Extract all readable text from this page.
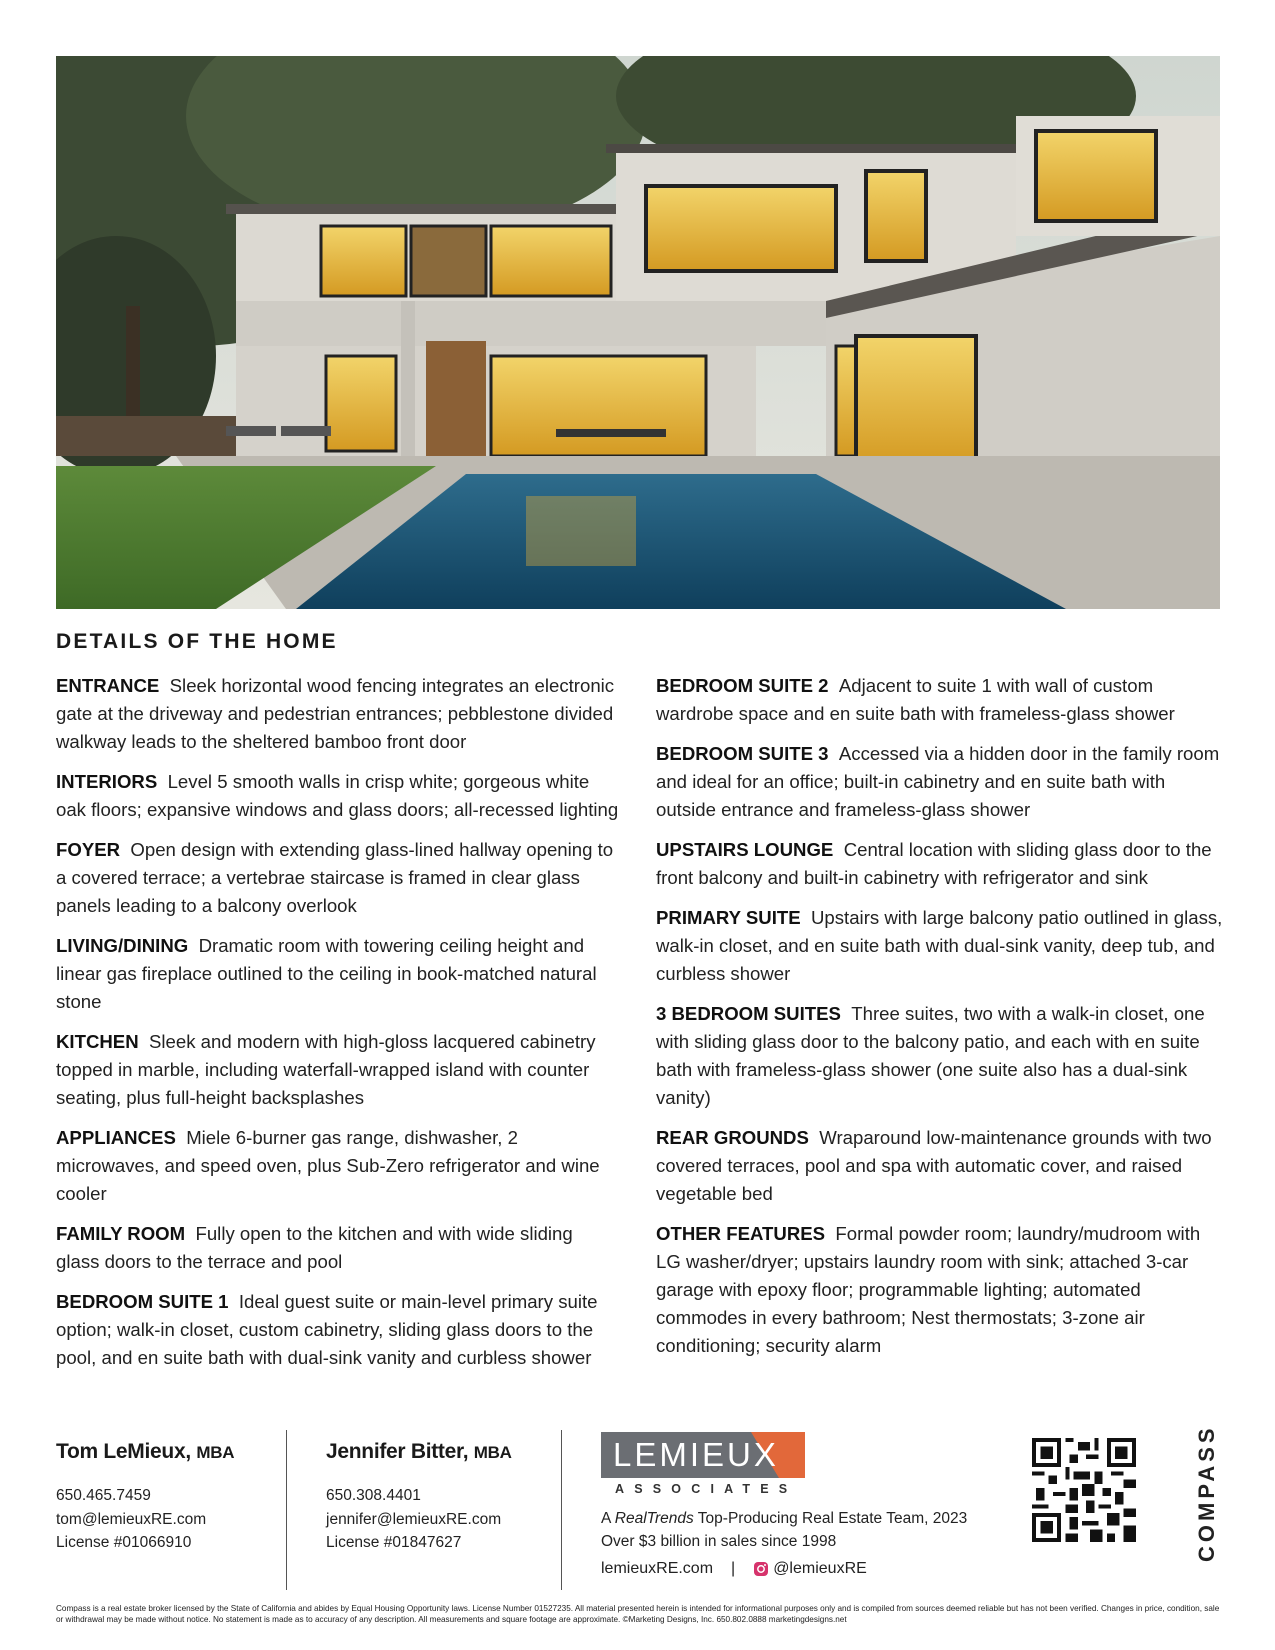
DETAILS OF THE HOME

ENTRANCE Sleek horizontal wood fencing integrates an electronic gate at the driveway and pedestrian entrances; pebblestone divided walkway leads to the sheltered bamboo front door

INTERIORS Level 5 smooth walls in crisp white; gorgeous white oak floors; expansive windows and glass doors; all-recessed lighting

FOYER Open design with extending glass-lined hallway opening to a covered terrace; a vertebrae staircase is framed in clear glass panels leading to a balcony overlook

LIVING/DINING Dramatic room with towering ceiling height and linear gas fireplace outlined to the ceiling in book-matched natural stone

KITCHEN Sleek and modern with high-gloss lacquered cabinetry topped in marble, including waterfall-wrapped island with counter seating, plus full-height backsplashes

APPLIANCES Miele 6-burner gas range, dishwasher, 2 microwaves, and speed oven, plus Sub-Zero refrigerator and wine cooler

FAMILY ROOM Fully open to the kitchen and with wide sliding glass doors to the terrace and pool

BEDROOM SUITE 1 Ideal guest suite or main-level primary suite option; walk-in closet, custom cabinetry, sliding glass doors to the pool, and en suite bath with dual-sink vanity and curbless shower

BEDROOM SUITE 2 Adjacent to suite 1 with wall of custom wardrobe space and en suite bath with frameless-glass shower

BEDROOM SUITE 3 Accessed via a hidden door in the family room and ideal for an office; built-in cabinetry and en suite bath with outside entrance and frameless-glass shower

UPSTAIRS LOUNGE Central location with sliding glass door to the front balcony and built-in cabinetry with refrigerator and sink

PRIMARY SUITE Upstairs with large balcony patio outlined in glass, walk-in closet, and en suite bath with dual-sink vanity, deep tub, and curbless shower

3 BEDROOM SUITES Three suites, two with a walk-in closet, one with sliding glass door to the balcony patio, and each with en suite bath with frameless-glass shower (one suite also has a dual-sink vanity)

REAR GROUNDS Wraparound low-maintenance grounds with two covered terraces, pool and spa with automatic cover, and raised vegetable bed

OTHER FEATURES Formal powder room; laundry/mudroom with LG washer/dryer; upstairs laundry room with sink; attached 3-car garage with epoxy floor; programmable lighting; automated commodes in every bathroom; Nest thermostats; 3-zone air conditioning; security alarm

Tom LeMieux, MBA
650.465.7459
tom@lemieuxRE.com
License #01066910
Jennifer Bitter, MBA
650.308.4401
jennifer@lemieuxRE.com
License #01847627
LEMIEUX
ASSOCIATES
A RealTrends Top-Producing Real Estate Team, 2023
Over $3 billion in sales since 1998
lemieuxRE.com | @lemieuxRE
COMPASS
Compass is a real estate broker licensed by the State of California and abides by Equal Housing Opportunity laws. License Number 01527235. All material presented herein is intended for informational purposes only and is compiled from sources deemed reliable but has not been verified. Changes in price, condition, sale or withdrawal may be made without notice. No statement is made as to accuracy of any description. All measurements and square footage are approximate. ©Marketing Designs, Inc. 650.802.0888 marketingdesigns.net
